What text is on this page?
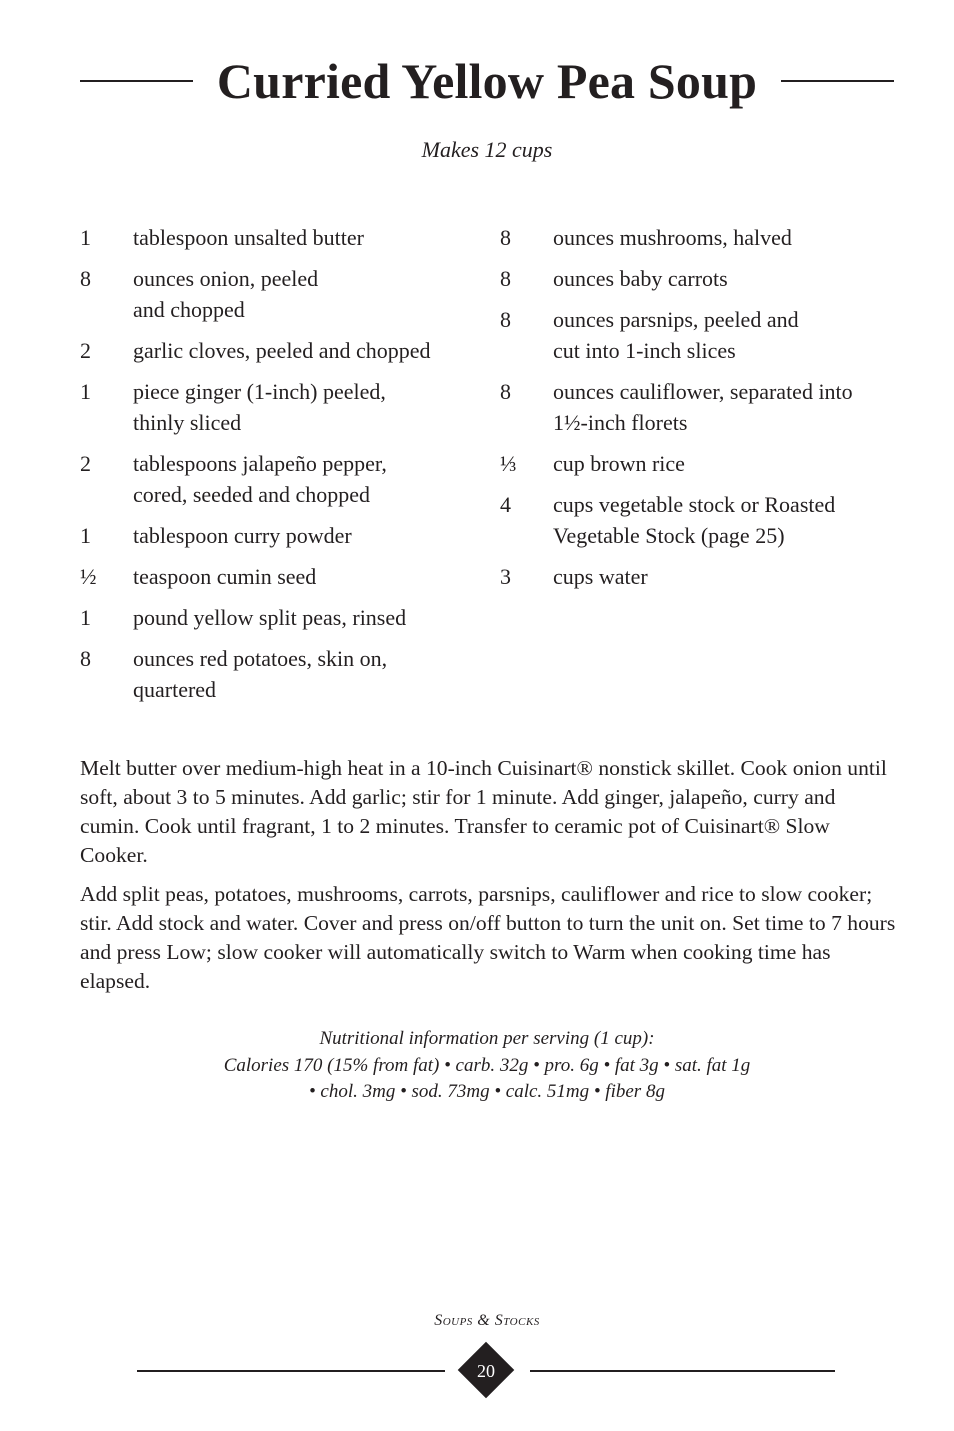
Curried Yellow Pea Soup
Makes 12 cups
1	tablespoon unsalted butter
8	ounces onion, peeled
and chopped
2	garlic cloves, peeled and chopped
1	piece ginger (1-inch) peeled,
thinly sliced
2	tablespoons jalapeño pepper,
cored, seeded and chopped
1	tablespoon curry powder
½	teaspoon cumin seed
1	pound yellow split peas, rinsed
8	ounces red potatoes, skin on,
quartered
8	ounces mushrooms, halved
8	ounces baby carrots
8	ounces parsnips, peeled and
cut into 1-inch slices
8	ounces cauliflower, separated into
1½-inch florets
⅓	cup brown rice
4	cups vegetable stock or Roasted
Vegetable Stock (page 25)
3	cups water

Melt butter over medium-high heat in a 10-inch Cuisinart® nonstick skillet. Cook onion until soft, about 3 to 5 minutes. Add garlic; stir for 1 minute. Add ginger, jalapeño, curry and cumin. Cook until fragrant, 1 to 2 minutes. Transfer to ceramic pot of Cuisinart® Slow Cooker.

Add split peas, potatoes, mushrooms, carrots, parsnips, cauliflower and rice to slow cooker; stir. Add stock and water. Cover and press on/off button to turn the unit on. Set time to 7 hours and press Low; slow cooker will automatically switch to Warm when cooking time has elapsed.

Nutritional information per serving (1 cup):
Calories 170 (15% from fat) • carb. 32g • pro. 6g • fat 3g • sat. fat 1g
• chol. 3mg • sod. 73mg • calc. 51mg • fiber 8g
Soups & Stocks
20
